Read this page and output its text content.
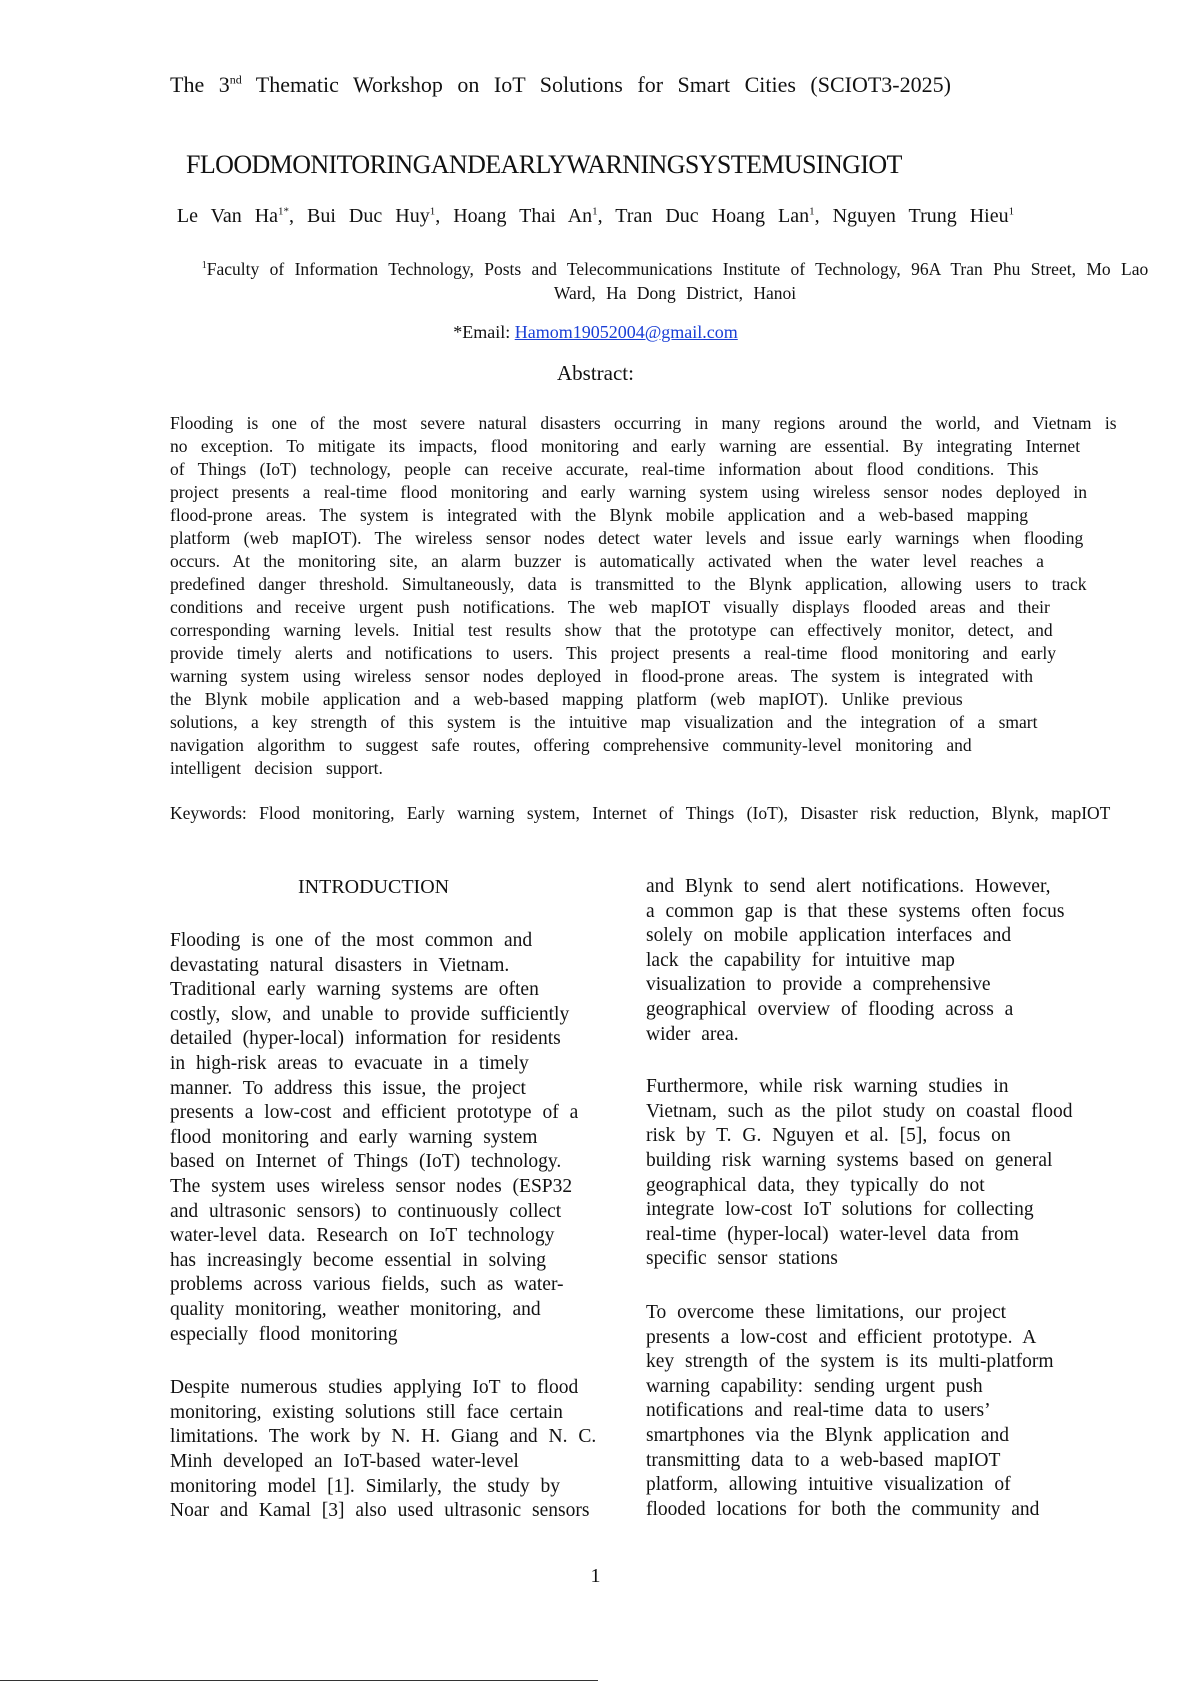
The 3nd Thematic Workshop on IoT Solutions for Smart Cities (SCIOT3-2025)
FLOODMONITORINGANDEARLYWARNINGSYSTEMUSINGIOT
Le Van $Ha^{1*}$, Bui Duc Huy$^1$, Hoang Thai An$^1$, Tran Duc Hoang Lan$^1$, Nguyen Trung Hieu$^1$
$^1$Faculty of Information Technology, Posts and Telecommunications Institute of Technology, 96A Tran Phu Street, Mo Lao Ward, Ha Dong District, Hanoi
*Email: Hamom19052004@gmail.com
Abstract:
Flooding is one of the most severe natural disasters occurring in many regions around the world, and Vietnam is
no exception. To mitigate its impacts, flood monitoring and early warning are essential. By integrating Internet
of Things (IoT) technology, people can receive accurate, real-time information about flood conditions. This
project presents a real-time flood monitoring and early warning system using wireless sensor nodes deployed in
flood-prone areas. The system is integrated with the Blynk mobile application and a web-based mapping
platform (web mapIOT). The wireless sensor nodes detect water levels and issue early warnings when flooding
occurs. At the monitoring site, an alarm buzzer is automatically activated when the water level reaches a
predefined danger threshold. Simultaneously, data is transmitted to the Blynk application, allowing users to track
conditions and receive urgent push notifications. The web mapIOT visually displays flooded areas and their
corresponding warning levels. Initial test results show that the prototype can effectively monitor, detect, and
provide timely alerts and notifications to users. This project presents a real-time flood monitoring and early
warning system using wireless sensor nodes deployed in flood-prone areas. The system is integrated with
the Blynk mobile application and a web-based mapping platform (web mapIOT). Unlike previous
solutions, a key strength of this system is the intuitive map visualization and the integration of a smart
navigation algorithm to suggest safe routes, offering comprehensive community-level monitoring and
intelligent decision support.
Keywords: Flood monitoring, Early warning system, Internet of Things (IoT), Disaster risk reduction, Blynk, mapIOT
INTRODUCTION
Flooding is one of the most common and
devastating natural disasters in Vietnam.
Traditional early warning systems are often
costly, slow, and unable to provide sufficiently
detailed (hyper-local) information for residents
in high-risk areas to evacuate in a timely
manner. To address this issue, the project
presents a low-cost and efficient prototype of a
flood monitoring and early warning system
based on Internet of Things (IoT) technology.
The system uses wireless sensor nodes (ESP32
and ultrasonic sensors) to continuously collect
water-level data. Research on IoT technology
has increasingly become essential in solving
problems across various fields, such as water-
quality monitoring, weather monitoring, and
especially flood monitoring
Despite numerous studies applying IoT to flood
monitoring, existing solutions still face certain
limitations. The work by N. H. Giang and N. C.
Minh developed an IoT-based water-level
monitoring model [1]. Similarly, the study by
Noar and Kamal [3] also used ultrasonic sensors
and Blynk to send alert notifications. However,
a common gap is that these systems often focus
solely on mobile application interfaces and
lack the capability for intuitive map
visualization to provide a comprehensive
geographical overview of flooding across a
wider area.
Furthermore, while risk warning studies in
Vietnam, such as the pilot study on coastal flood
risk by T. G. Nguyen et al. [5], focus on
building risk warning systems based on general
geographical data, they typically do not
integrate low-cost IoT solutions for collecting
real-time (hyper-local) water-level data from
specific sensor stations
To overcome these limitations, our project
presents a low-cost and efficient prototype. A
key strength of the system is its multi-platform
warning capability: sending urgent push
notifications and real-time data to users’
smartphones via the Blynk application and
transmitting data to a web-based mapIOT
platform, allowing intuitive visualization of
flooded locations for both the community and
1
